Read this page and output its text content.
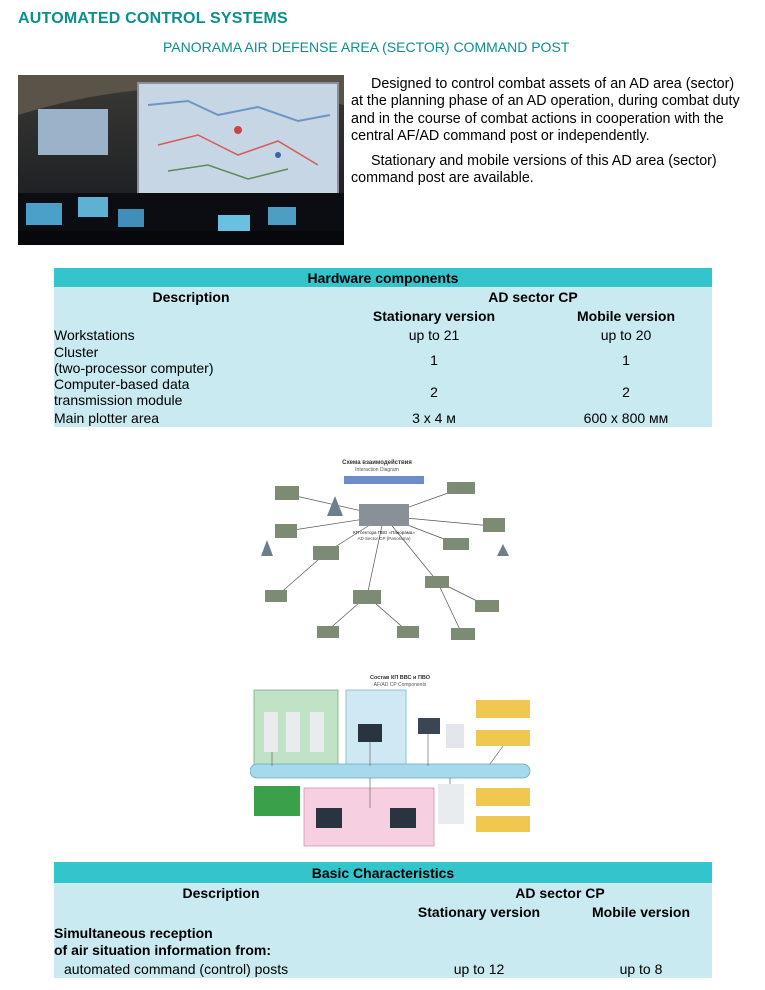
AUTOMATED CONTROL SYSTEMS
PANORAMA AIR DEFENSE AREA (SECTOR) COMMAND POST

Designed to control combat assets of an AD area (sector) at the planning phase of an AD operation, during combat duty and in the course of combat actions in cooperation with the central AF/AD command post or independently.

Stationary and mobile versions of this AD area (sector) command post are available.

Hardware components		
Description	AD sector CP	
	Stationary version	Mobile version
Workstations	up to 21	up to 20
Cluster
(two-processor computer)	1	1
Computer-based data
transmission module	2	2
Main plotter area	3 x 4 м	600 x 800 мм
Схема взаимодействия
Interaction Diagram
КП сектора ПВО «Панорама»
AD Sector CP (Panorama)
Состав КП ВВС и ПВО
AF/AD CP Components
Basic Characteristics		
Description	AD sector CP	
	Stationary version	Mobile version
Simultaneous reception
of air situation information from:		
automated command (control) posts	up to 12	up to 8
